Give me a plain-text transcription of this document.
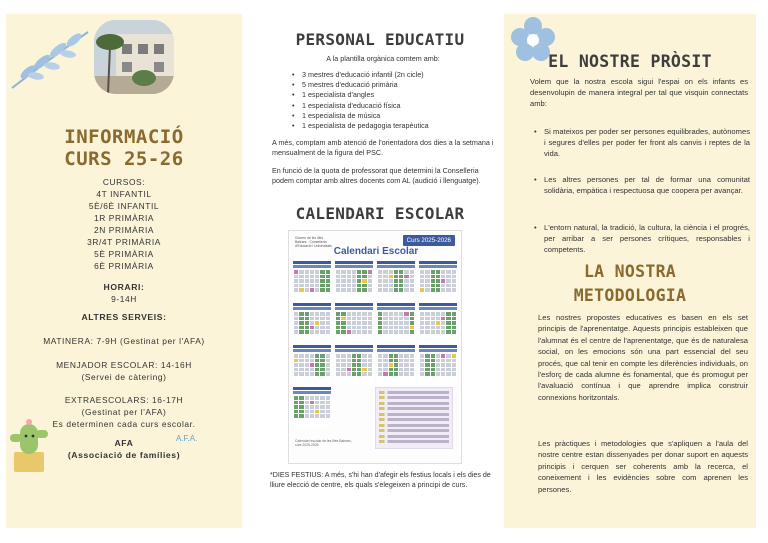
INFORMACIÓ
CURS 25-26
CURSOS:
4T INFANTIL
5È/6È INFANTIL
1R PRIMÀRIA
2N PRIMÀRIA
3R/4T PRIMÀRIA
5È PRIMÀRIA
6È PRIMÀRIA
HORARI:
9-14H
ALTRES SERVEIS:
MATINERA: 7-9H (Gestinat per l'AFA)
MENJADOR ESCOLAR: 14-16H
(Servei de càtering)
EXTRAESCOLARS: 16-17H
(Gestinat per l'AFA)
Es determinen cada curs escolar.
AFA
(Associació de famílies)
A.F.A.
PERSONAL EDUCATIU
A la plantilla orgànica comtem amb:
• 3 mestres d'educació infantil (2n cicle)
• 5 mestres d'educació primària
• 1 especialista d'angles
• 1 especialista d'educació física
• 1 especialista de música
• 1 especialista de pedagogia terapèutica
A més, comptam amb atenció de l'orientadora dos dies a la setmana i mensualment de la figura del PSC.
En funció de la quota de professorat que determini la Conselleria podem comptar amb altres docents com AL (audició i llenguatge).
CALENDARI ESCOLAR
Govern de les Illes Balears · Conselleria d'Educació i Universitats
Curs 2025-2026
Calendari Escolar
Calendari escolar de les Illes Balears, curs 2025-2026
*DIES FESTIUS: A més, s'hi han d'afegir els festius locals i els dies de lliure elecció de centre, els quals s'elegeixen a principi de curs.
EL NOSTRE PRÒSIT
Volem que la nostra escola sigui l'espai on els infants es desenvolupin de manera integral per tal que visquin connectats amb:
• Si mateixos per poder ser persones equilibrades, autònomes i segures d'elles per poder fer front als canvis i reptes de la vida.
• Les altres persones per tal de formar una comunitat solidària, empàtica i respectuosa que coopera per avançar.
• L'entorn natural, la tradició, la cultura, la ciència i el progrés, per arribar a ser persones crítiques, responsables i competents.
LA NOSTRA
METODOLOGIA
Les nostres propostes educatives es basen en els set principis de l'aprenentatge. Aquests principis estableixen que l'alumnat és el centre de l'aprenentatge, que és de naturalesa social, on les emocions són una part essencial del seu procés, que cal tenir en compte les diferències individuals, on l'esforç de cada alumne és fonamental, que és promogut per l'avaluació contínua i que aprendre implica construir connexions horitzontals.
Les pràctiques i metodologies que s'apliquen a l'aula del nostre centre estan dissenyades per donar suport en aquests principis i cerquen ser coherents amb la recerca, el coneixement i les evidències sobre com aprenen les persones.
